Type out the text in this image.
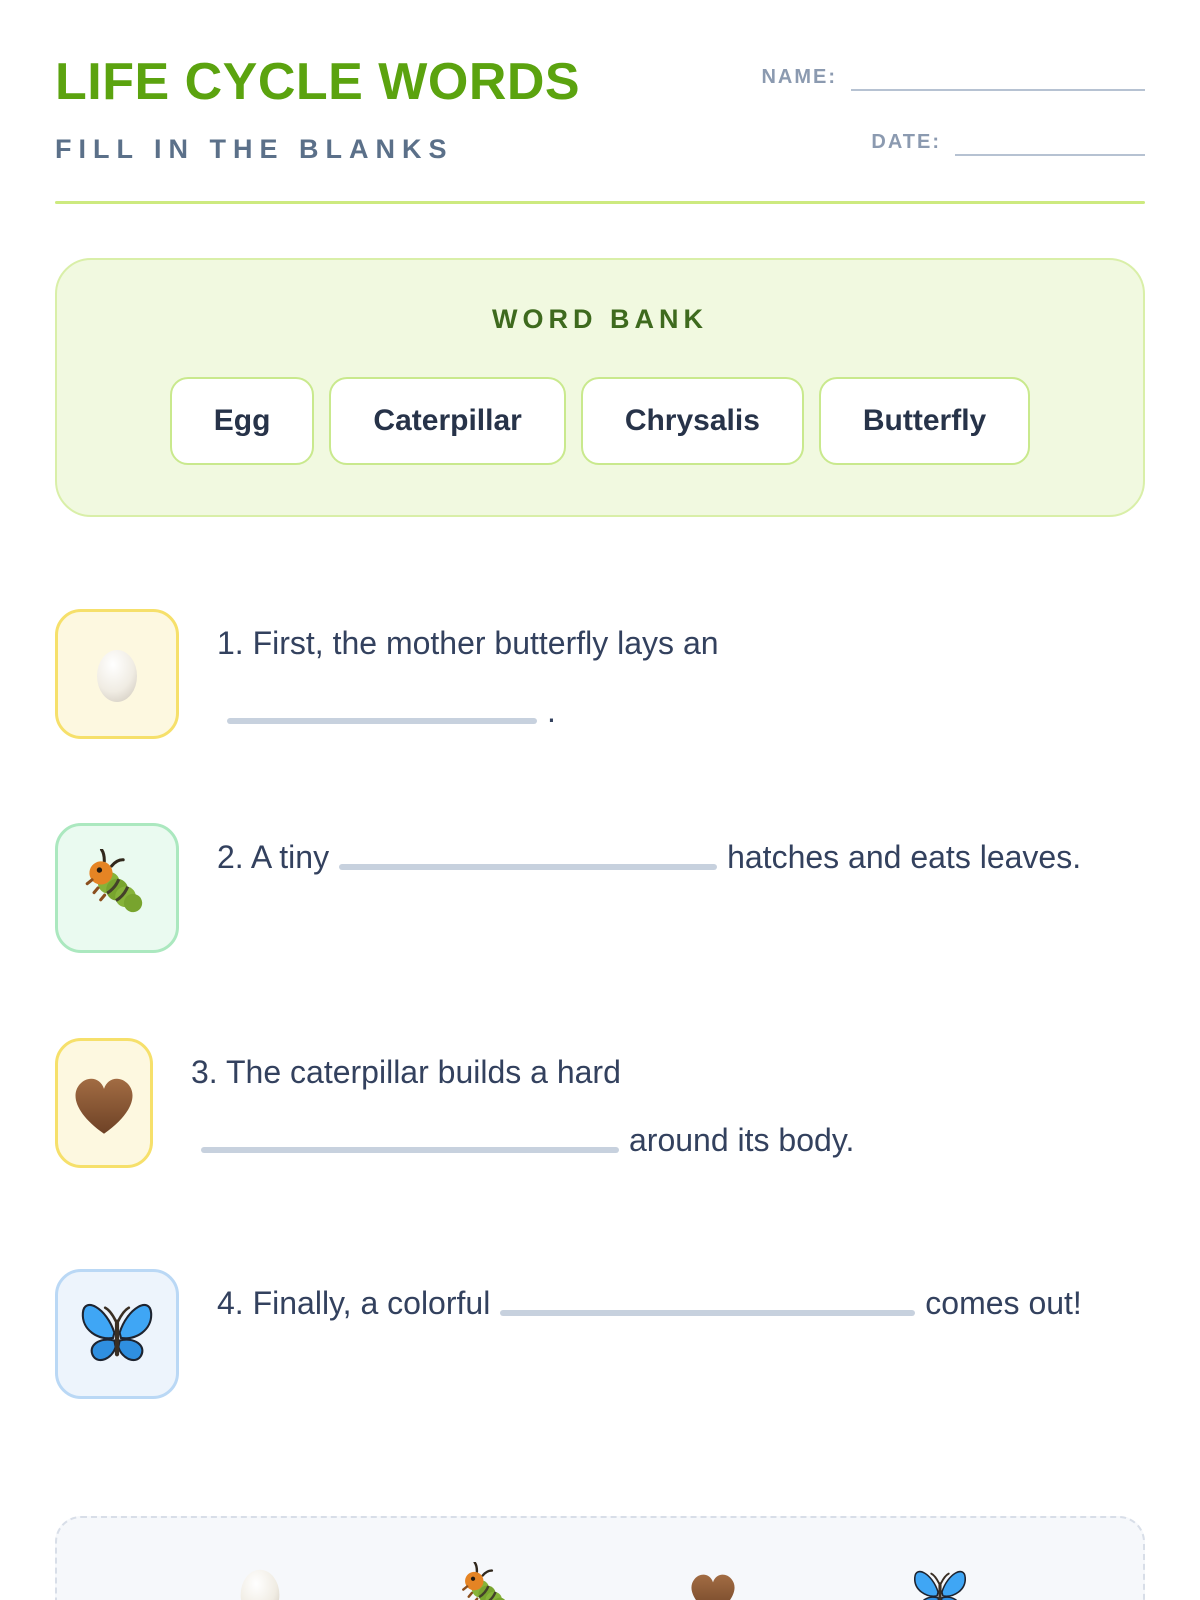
LIFE CYCLE WORDS
FILL IN THE BLANKS
NAME:
DATE:
WORD BANK
Egg	Caterpillar	Chrysalis	Butterfly
1. First, the mother butterfly lays an
.
2. A tiny	hatches and eats leaves.
3. The caterpillar builds a hard
around its body.
4. Finally, a colorful	comes out!
